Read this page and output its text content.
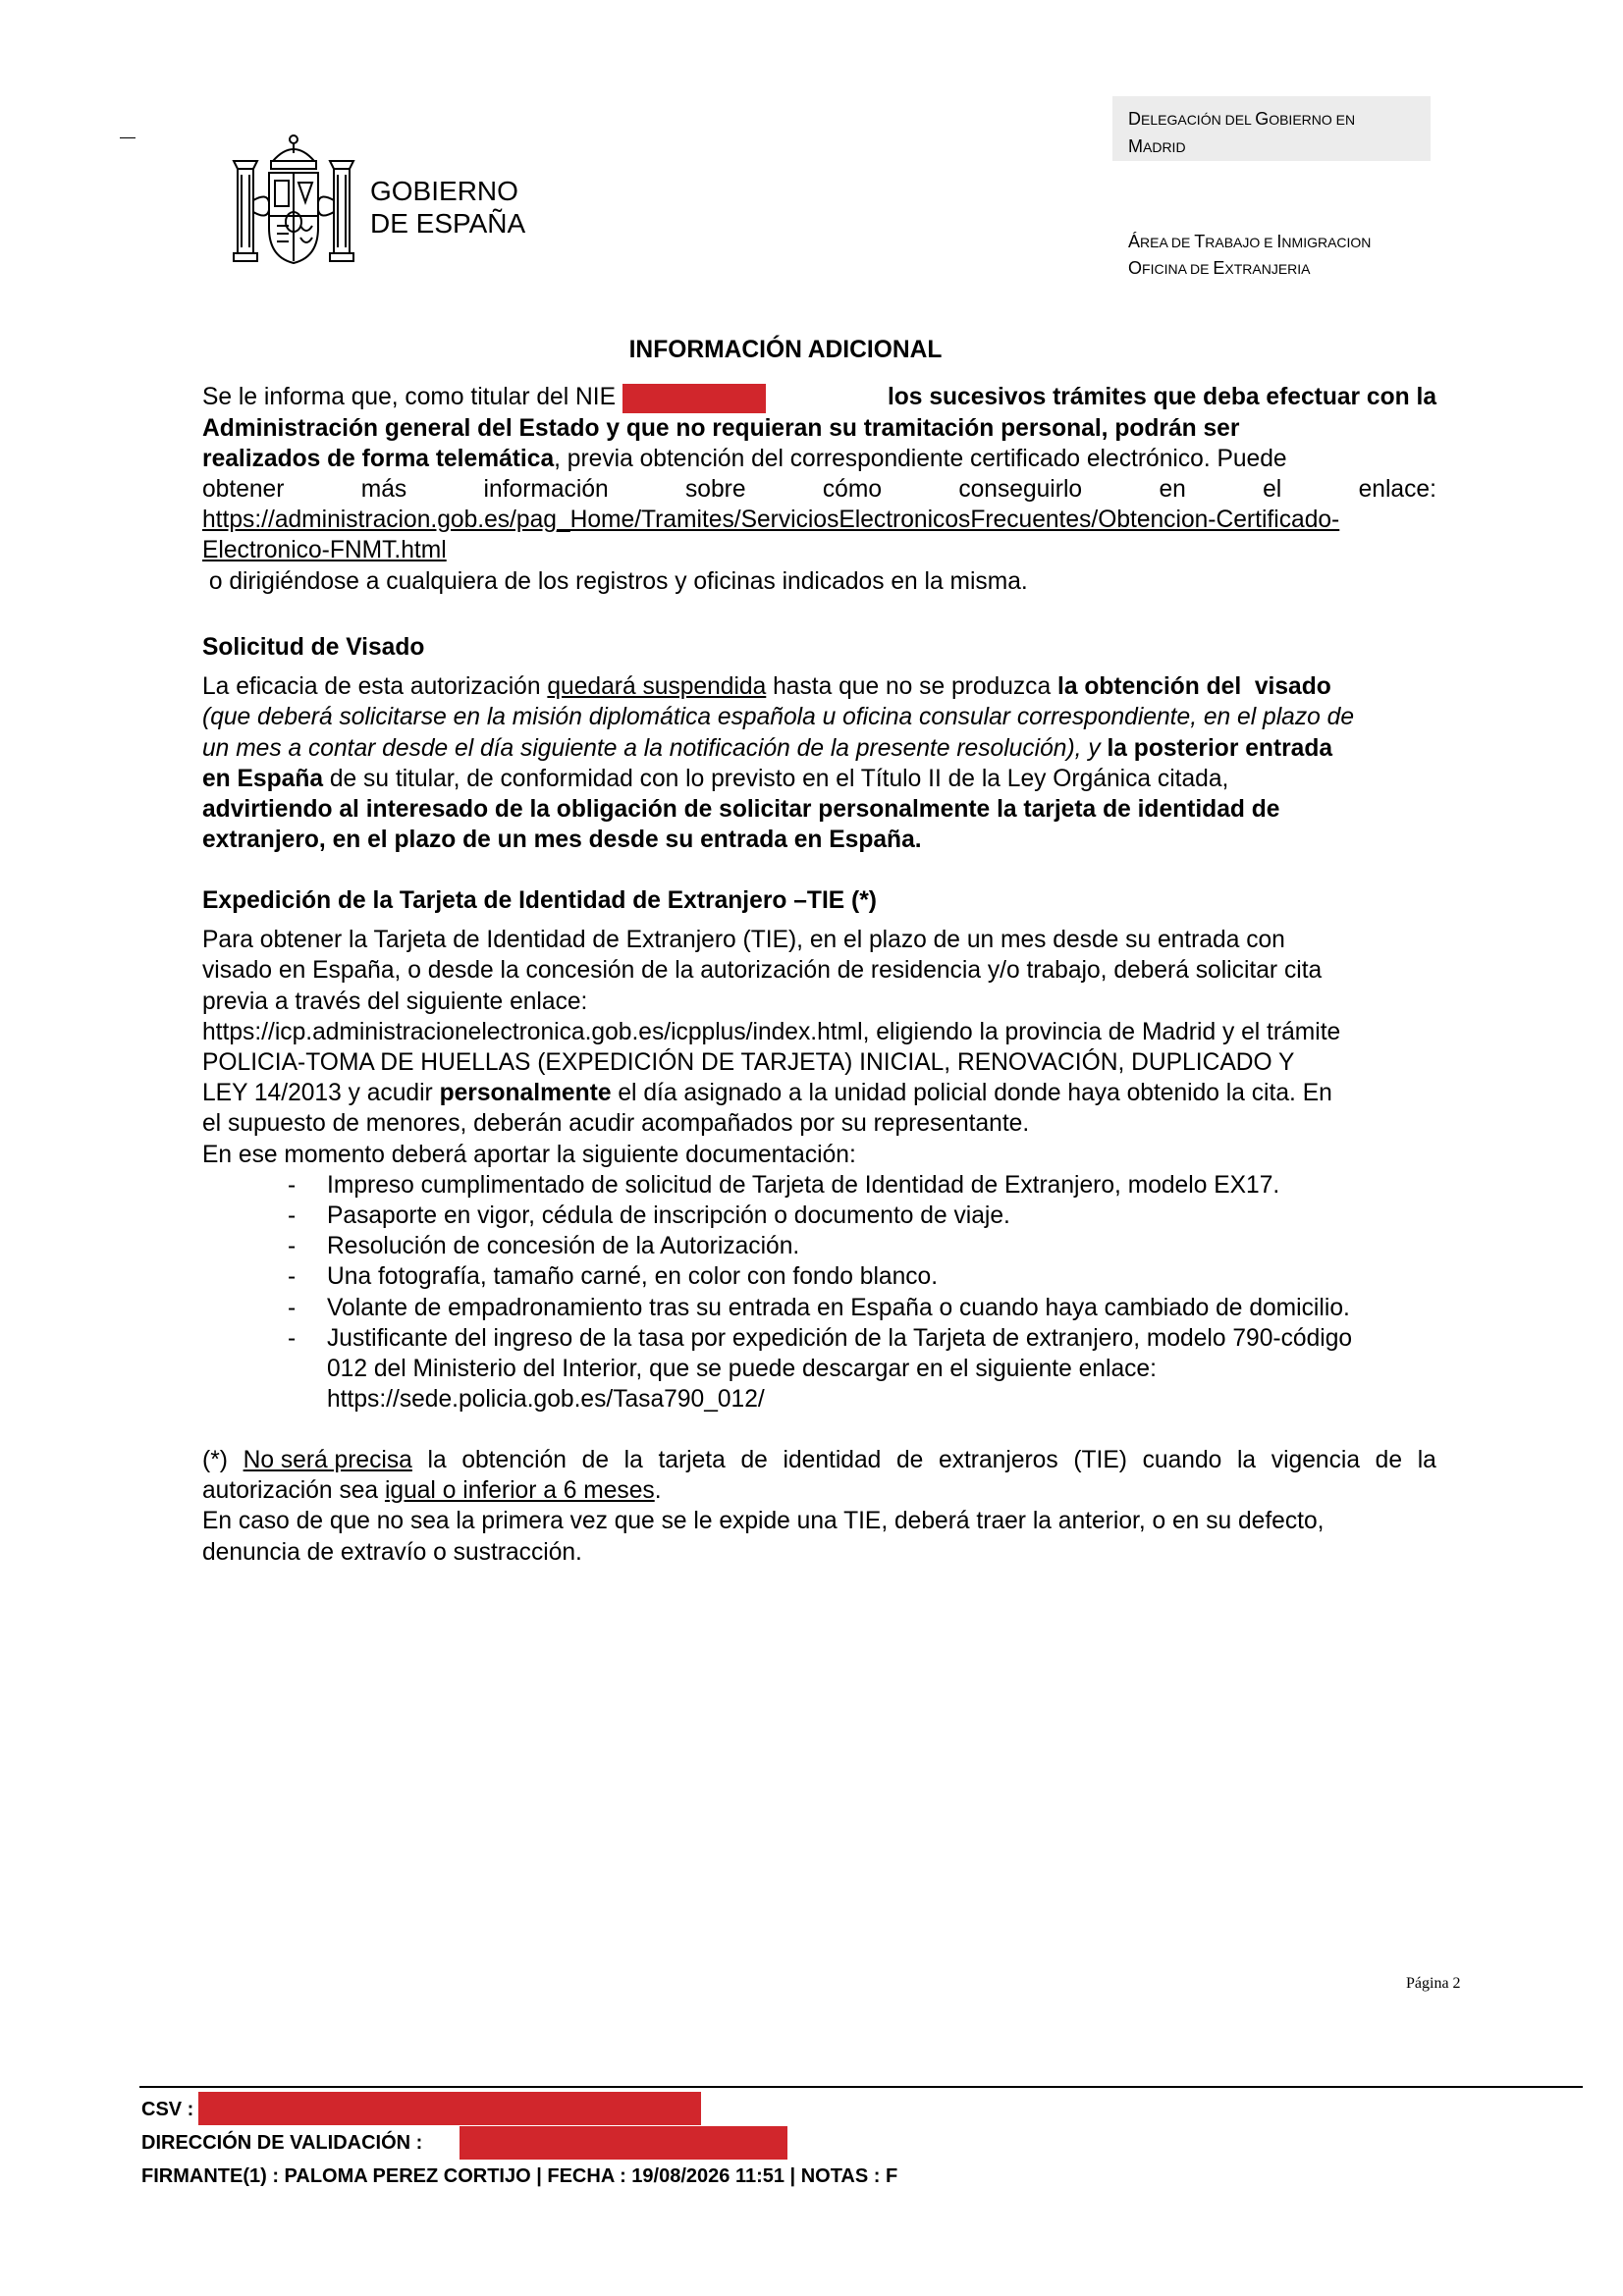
GOBIERNO
DE ESPAÑA
DELEGACIÓN DEL GOBIERNO EN
MADRID
ÁREA DE TRABAJO E INMIGRACION
OFICINA DE EXTRANJERIA
INFORMACIÓN ADICIONAL
Se le informa que, como titular del NIE	los sucesivos trámites que deba efectuar con la
Administración general del Estado y que no requieran su tramitación personal, podrán ser
realizados de forma telemática, previa obtención del correspondiente certificado electrónico. Puede
obtener	más	información	sobre	cómo	conseguirlo	en	el	enlace:
https://administracion.gob.es/pag_Home/Tramites/ServiciosElectronicosFrecuentes/Obtencion-Certificado-
Electronico-FNMT.html
o dirigiéndose a cualquiera de los registros y oficinas indicados en la misma.
Solicitud de Visado
La eficacia de esta autorización quedará suspendida hasta que no se produzca la obtención del  visado
(que deberá solicitarse en la misión diplomática española u oficina consular correspondiente, en el plazo de
un mes a contar desde el día siguiente a la notificación de la presente resolución), y la posterior entrada
en España de su titular, de conformidad con lo previsto en el Título II de la Ley Orgánica citada,
advirtiendo al interesado de la obligación de solicitar personalmente la tarjeta de identidad de
extranjero, en el plazo de un mes desde su entrada en España.
Expedición de la Tarjeta de Identidad de Extranjero –TIE (*)
Para obtener la Tarjeta de Identidad de Extranjero (TIE), en el plazo de un mes desde su entrada con
visado en España, o desde la concesión de la autorización de residencia y/o trabajo, deberá solicitar cita
previa a través del siguiente enlace:
https://icp.administracionelectronica.gob.es/icpplus/index.html, eligiendo la provincia de Madrid y el trámite
POLICIA-TOMA DE HUELLAS (EXPEDICIÓN DE TARJETA) INICIAL, RENOVACIÓN, DUPLICADO Y
LEY 14/2013 y acudir personalmente el día asignado a la unidad policial donde haya obtenido la cita. En
el supuesto de menores, deberán acudir acompañados por su representante.
En ese momento deberá aportar la siguiente documentación:
- Impreso cumplimentado de solicitud de Tarjeta de Identidad de Extranjero, modelo EX17.
- Pasaporte en vigor, cédula de inscripción o documento de viaje.
- Resolución de concesión de la Autorización.
- Una fotografía, tamaño carné, en color con fondo blanco.
- Volante de empadronamiento tras su entrada en España o cuando haya cambiado de domicilio.
- Justificante del ingreso de la tasa por expedición de la Tarjeta de extranjero, modelo 790-código
012 del Ministerio del Interior, que se puede descargar en el siguiente enlace:
https://sede.policia.gob.es/Tasa790_012/
(*) No será precisa la obtención de la tarjeta de identidad de extranjeros (TIE) cuando la vigencia de la
autorización sea igual o inferior a 6 meses.
En caso de que no sea la primera vez que se le expide una TIE, deberá traer la anterior, o en su defecto,
denuncia de extravío o sustracción.
Página 2
CSV :
DIRECCIÓN DE VALIDACIÓN :
FIRMANTE(1) : PALOMA PEREZ CORTIJO | FECHA : 19/08/2026 11:51 | NOTAS : F
